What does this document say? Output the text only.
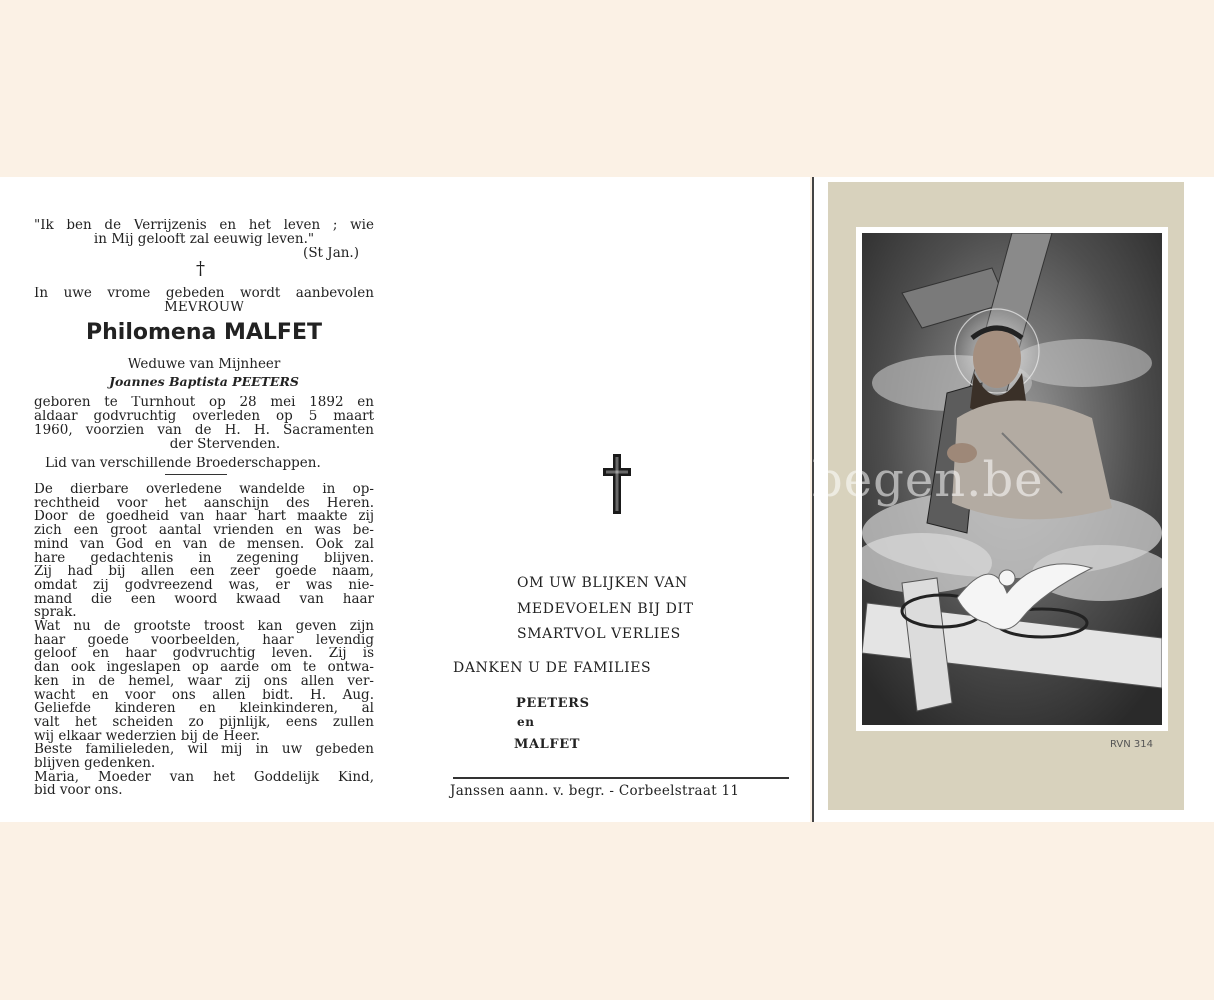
"Ik ben de Verrijzenis en het leven ; wie
in Mij gelooft zal eeuwig leven."
(St Jan.)
†
In uwe vrome gebeden wordt aanbevolen
MEVROUW
Philomena MALFET
Weduwe van Mijnheer
Joannes Baptista PEETERS
geboren te Turnhout op 28 mei 1892 en
aldaar godvruchtig overleden op 5 maart
1960, voorzien van de H. H. Sacramenten
der Stervenden.
Lid van verschillende Broederschappen.
De dierbare overledene wandelde in op-
rechtheid voor het aanschijn des Heren.
Door de goedheid van haar hart maakte zij
zich een groot aantal vrienden en was be-
mind van God en van de mensen. Ook zal
hare gedachtenis in zegening blijven.
Zij had bij allen een zeer goede naam,
omdat zij godvreezend was, er was nie-
mand die een woord kwaad van haar
sprak.
Wat nu de grootste troost kan geven zijn
haar goede voorbeelden, haar levendig
geloof en haar godvruchtig leven. Zij is
dan ook ingeslapen op aarde om te ontwa-
ken in de hemel, waar zij ons allen ver-
wacht en voor ons allen bidt. H. Aug.
Geliefde kinderen en kleinkinderen, al
valt het scheiden zo pijnlijk, eens zullen
wij elkaar wederzien bij de Heer.
Beste familieleden, wil mij in uw gebeden
blijven gedenken.
Maria, Moeder van het Goddelijk Kind,
bid voor ons.
OM UW BLIJKEN VAN
MEDEVOELEN BIJ DIT
SMARTVOL VERLIES
DANKEN U DE FAMILIES
PEETERS
en
MALFET
Janssen aann. v. begr. - Corbeelstraat 11
RVN 314
begen.be
